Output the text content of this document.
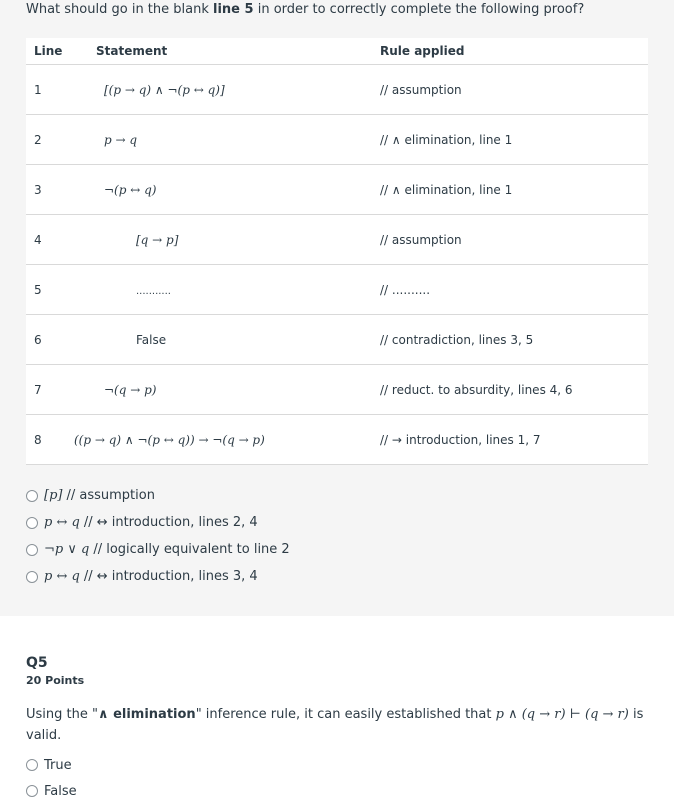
What should go in the blank line 5 in order to correctly complete the following proof?
Line	Statement	Rule applied
1	[(p → q) ∧ ¬(p ↔ q)]	// assumption
2	p → q	// ∧ elimination, line 1
3	¬(p ↔ q)	// ∧ elimination, line 1
4	[q → p]	// assumption
5	...........	// ..........
6	False	// contradiction, lines 3, 5
7	¬(q → p)	// reduct. to absurdity, lines 4, 6
8	((p → q) ∧ ¬(p ↔ q)) → ¬(q → p)	// → introduction, lines 1, 7
[p] // assumption
p ↔ q // ↔ introduction, lines 2, 4
¬p ∨ q // logically equivalent to line 2
p ↔ q // ↔ introduction, lines 3, 4
Q5
20 Points
Using the "∧ elimination" inference rule, it can easily established that p ∧ (q → r) ⊢ (q → r) is valid.
True
False
